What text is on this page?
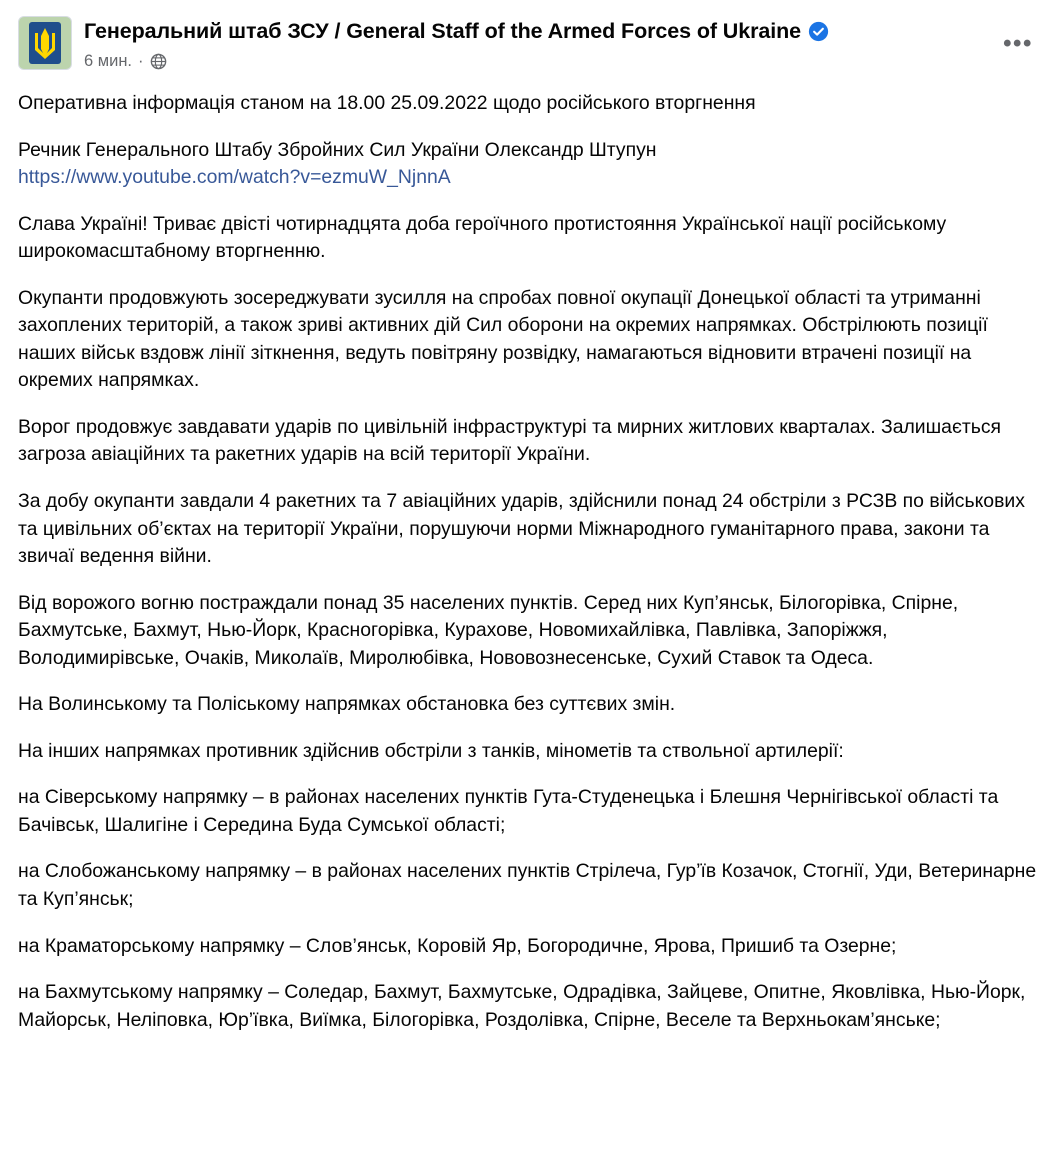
Генеральний штаб ЗСУ / General Staff of the Armed Forces of Ukraine
6 мин. ·
•••

Оперативна інформація станом на 18.00 25.09.2022 щодо російського вторгнення

Речник Генерального Штабу Збройних Сил України Олександр Штупун
https://www.youtube.com/watch?v=ezmuW_NjnnA

Слава Україні! Триває двісті чотирнадцята доба героїчного протистояння Української нації російському широкомасштабному вторгненню.

Окупанти продовжують зосереджувати зусилля на спробах повної окупації Донецької області та утриманні захоплених територій, а також зриві активних дій Сил оборони на окремих напрямках. Обстрілюють позиції наших військ вздовж лінії зіткнення, ведуть повітряну розвідку, намагаються відновити втрачені позиції на окремих напрямках.

Ворог продовжує завдавати ударів по цивільній інфраструктурі та мирних житлових кварталах. Залишається загроза авіаційних та ракетних ударів на всій території України.

За добу окупанти завдали 4 ракетних та 7 авіаційних ударів, здійснили понад 24 обстріли з РСЗВ по військових та цивільних об’єктах на території України, порушуючи норми Міжнародного гуманітарного права, закони та звичаї ведення війни.

Від ворожого вогню постраждали понад 35 населених пунктів. Серед них Куп’янськ, Білогорівка, Спірне, Бахмутське, Бахмут, Нью-Йорк, Красногорівка, Курахове, Новомихайлівка, Павлівка, Запоріжжя, Володимирівське, Очаків, Миколаїв, Миролюбівка, Нововознесенське, Сухий Ставок та Одеса.

На Волинському та Поліському напрямках обстановка без суттєвих змін.

На інших напрямках противник здійснив обстріли з танків, мінометів та ствольної артилерії:

на Сіверському напрямку – в районах населених пунктів Гута-Студенецька і Блешня Чернігівської області та Бачівськ, Шалигіне і Середина Буда Сумської області;

на Слобожанському напрямку – в районах населених пунктів Стрілеча, Гур’їв Козачок, Стогнії, Уди, Ветеринарне та Куп’янськ;

на Краматорському напрямку – Слов’янськ, Коровій Яр, Богородичне, Ярова, Пришиб та Озерне;

на Бахмутському напрямку – Соледар, Бахмут, Бахмутське, Одрадівка, Зайцеве, Опитне, Яковлівка, Нью-Йорк, Майорськ, Неліповка, Юр’ївка, Виїмка, Білогорівка, Роздолівка, Спірне, Веселе та Верхньокам’янське;
